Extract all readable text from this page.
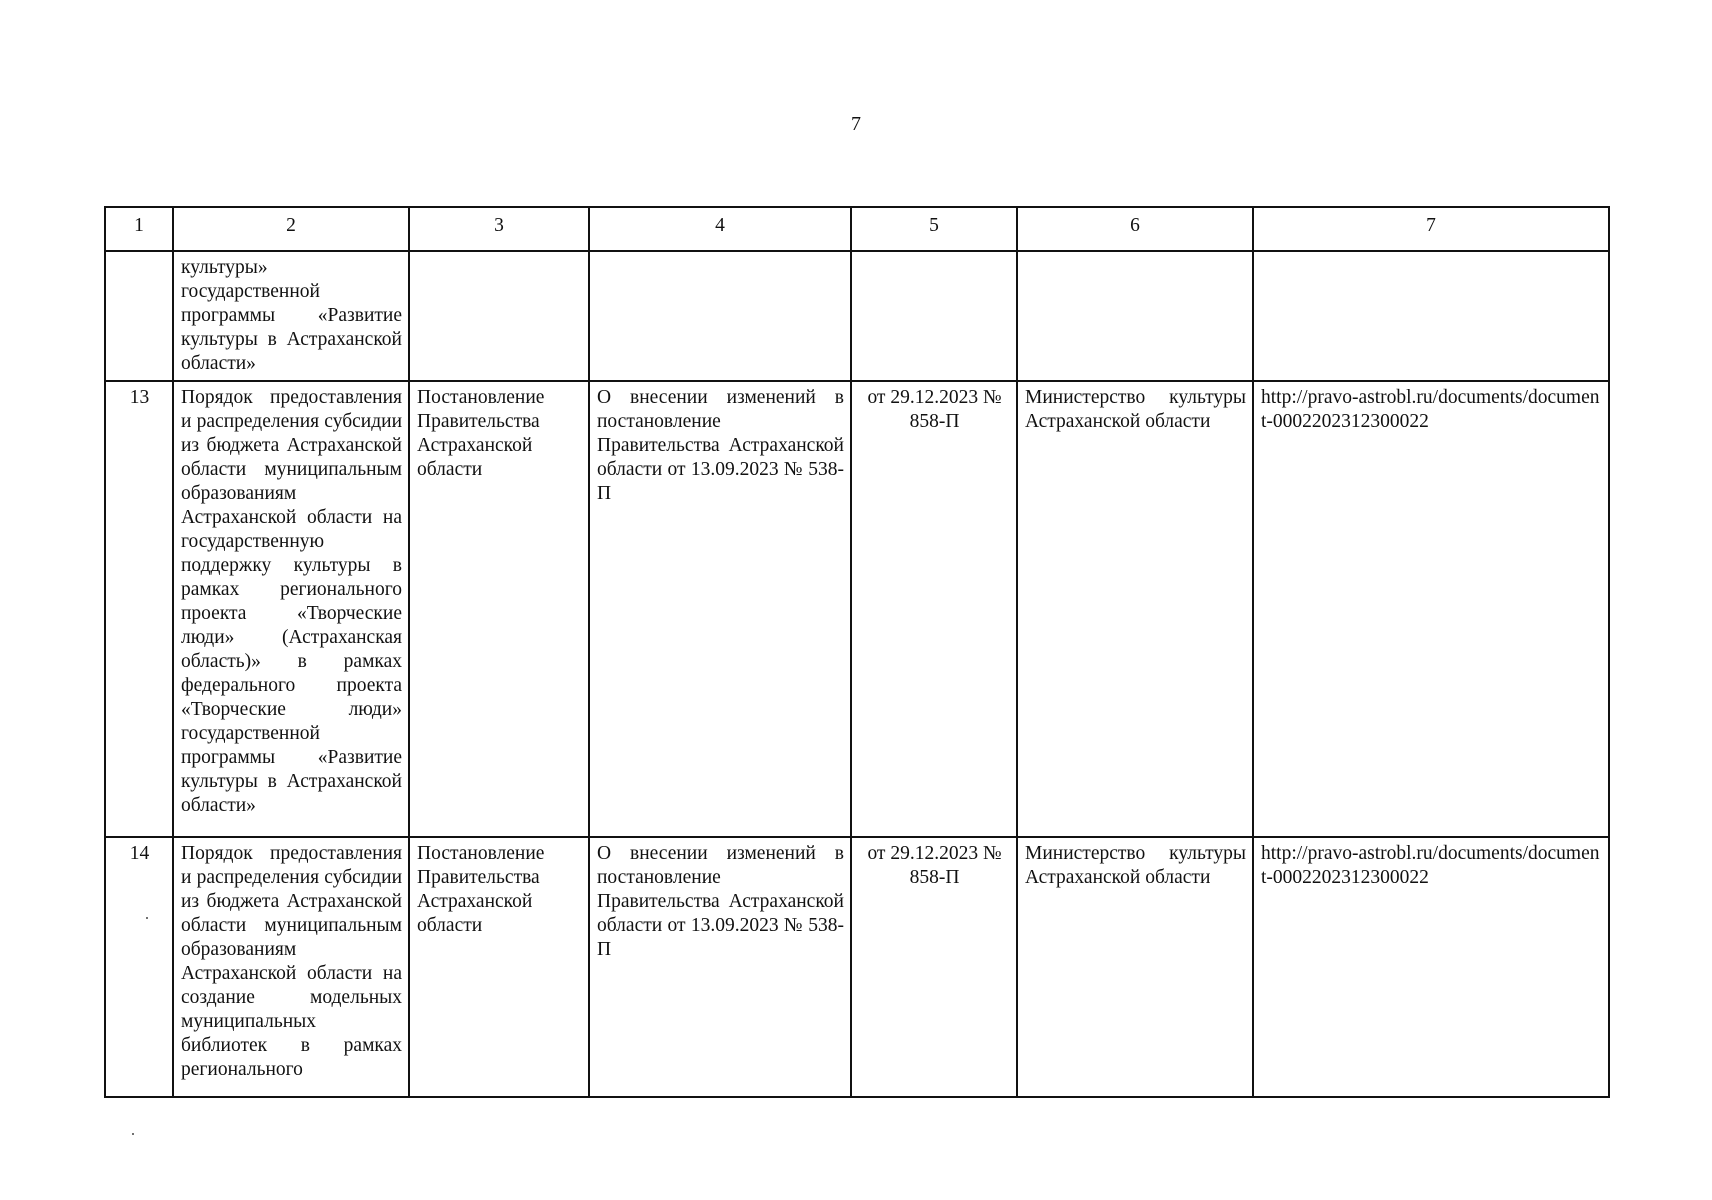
7
1	2	3	4	5	6	7
	культуры» государственной программы «Развитие культуры в Астраханской области»					
13	Порядок предоставления и распределения субсидии из бюджета Астраханской области муниципальным образованиям Астраханской области на государственную поддержку культуры в рамках регионального проекта «Творческие люди» (Астраханская область)» в рамках федерального проекта «Творческие люди» государственной программы «Развитие культуры в Астраханской области»	Постановление Правительства Астраханской области	О внесении изменений в постановление Правительства Астраханской области от 13.09.2023 № 538-П	от 29.12.2023 № 858-П	Министерство культуры Астраханской области	http://pravo-astrobl.ru/documents/document-0002202312300022
14	Порядок предоставления и распределения субсидии из бюджета Астраханской области муниципальным образованиям Астраханской области на создание модельных муниципальных библиотек в рамках регионального	Постановление Правительства Астраханской области	О внесении изменений в постановление Правительства Астраханской области от 13.09.2023 № 538-П	от 29.12.2023 № 858-П	Министерство культуры Астраханской области	http://pravo-astrobl.ru/documents/document-0002202312300022
